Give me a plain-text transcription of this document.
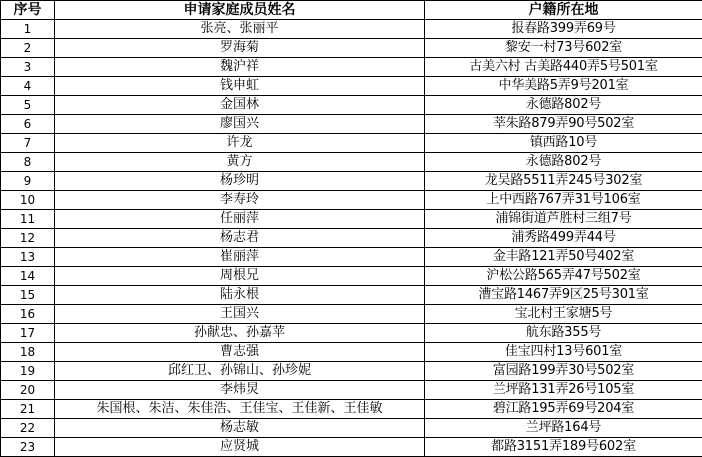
序号	申请家庭成员姓名	户籍所在地
1	张亮、张丽平	报春路399弄69号
2	罗海菊	黎安一村73号602室
3	魏沪祥	古美六村 古美路440弄5号501室
4	钱申虹	中华美路5弄9号201室
5	金国林	永德路802号
6	廖国兴	莘朱路879弄90号502室
7	许龙	镇西路10号
8	黄方	永德路802号
9	杨珍明	龙吴路5511弄245号302室
10	李寿玲	上中西路767弄31号106室
11	任丽萍	浦锦街道芦胜村三组7号
12	杨志君	浦秀路499弄44号
13	崔丽萍	金丰路121弄50号402室
14	周根兄	沪松公路565弄47号502室
15	陆永根	漕宝路1467弄9区25号301室
16	王国兴	宝北村王家塘5号
17	孙献忠、孙嘉苹	航东路355号
18	曹志强	佳宝四村13号601室
19	邱红卫、孙锦山、孙珍妮	富园路199弄30号502室
20	李炜炅	兰坪路131弄26号105室
21	朱国根、朱洁、朱佳浩、王佳宝、王佳新、王佳敏	碧江路195弄69号204室
22	杨志敏	兰坪路164号
23	应贤城	都路3151弄189号602室
